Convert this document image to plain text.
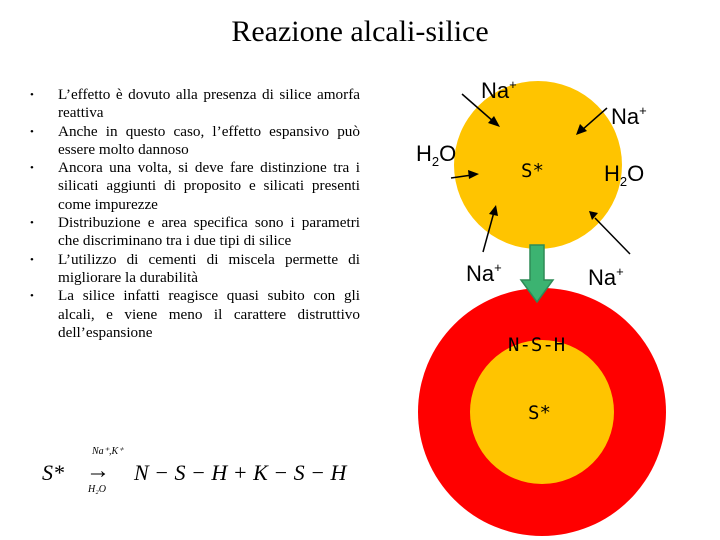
Reazione alcali-silice
• L’effetto è dovuto alla presenza di silice amorfa reattiva
• Anche in questo caso, l’effetto espansivo può essere molto dannoso
• Ancora una volta, si deve fare distinzione tra i silicati aggiunti di proposito e silicati presenti come impurezze
• Distribuzione e area specifica sono i parametri che discriminano tra i due tipi di silice
• L’utilizzo di cementi di miscela permette di migliorare la durabilità
• La silice infatti reagisce quasi subito con gli alcali, e viene meno il carattere distruttivo dell’espansione
S*
Na⁺,K⁺
→
H₂O
N − S − H + K − S − H
Na+
Na+
$H_2O$
$H_2O$
S*
Na+	Na+
N-S-H
S*
